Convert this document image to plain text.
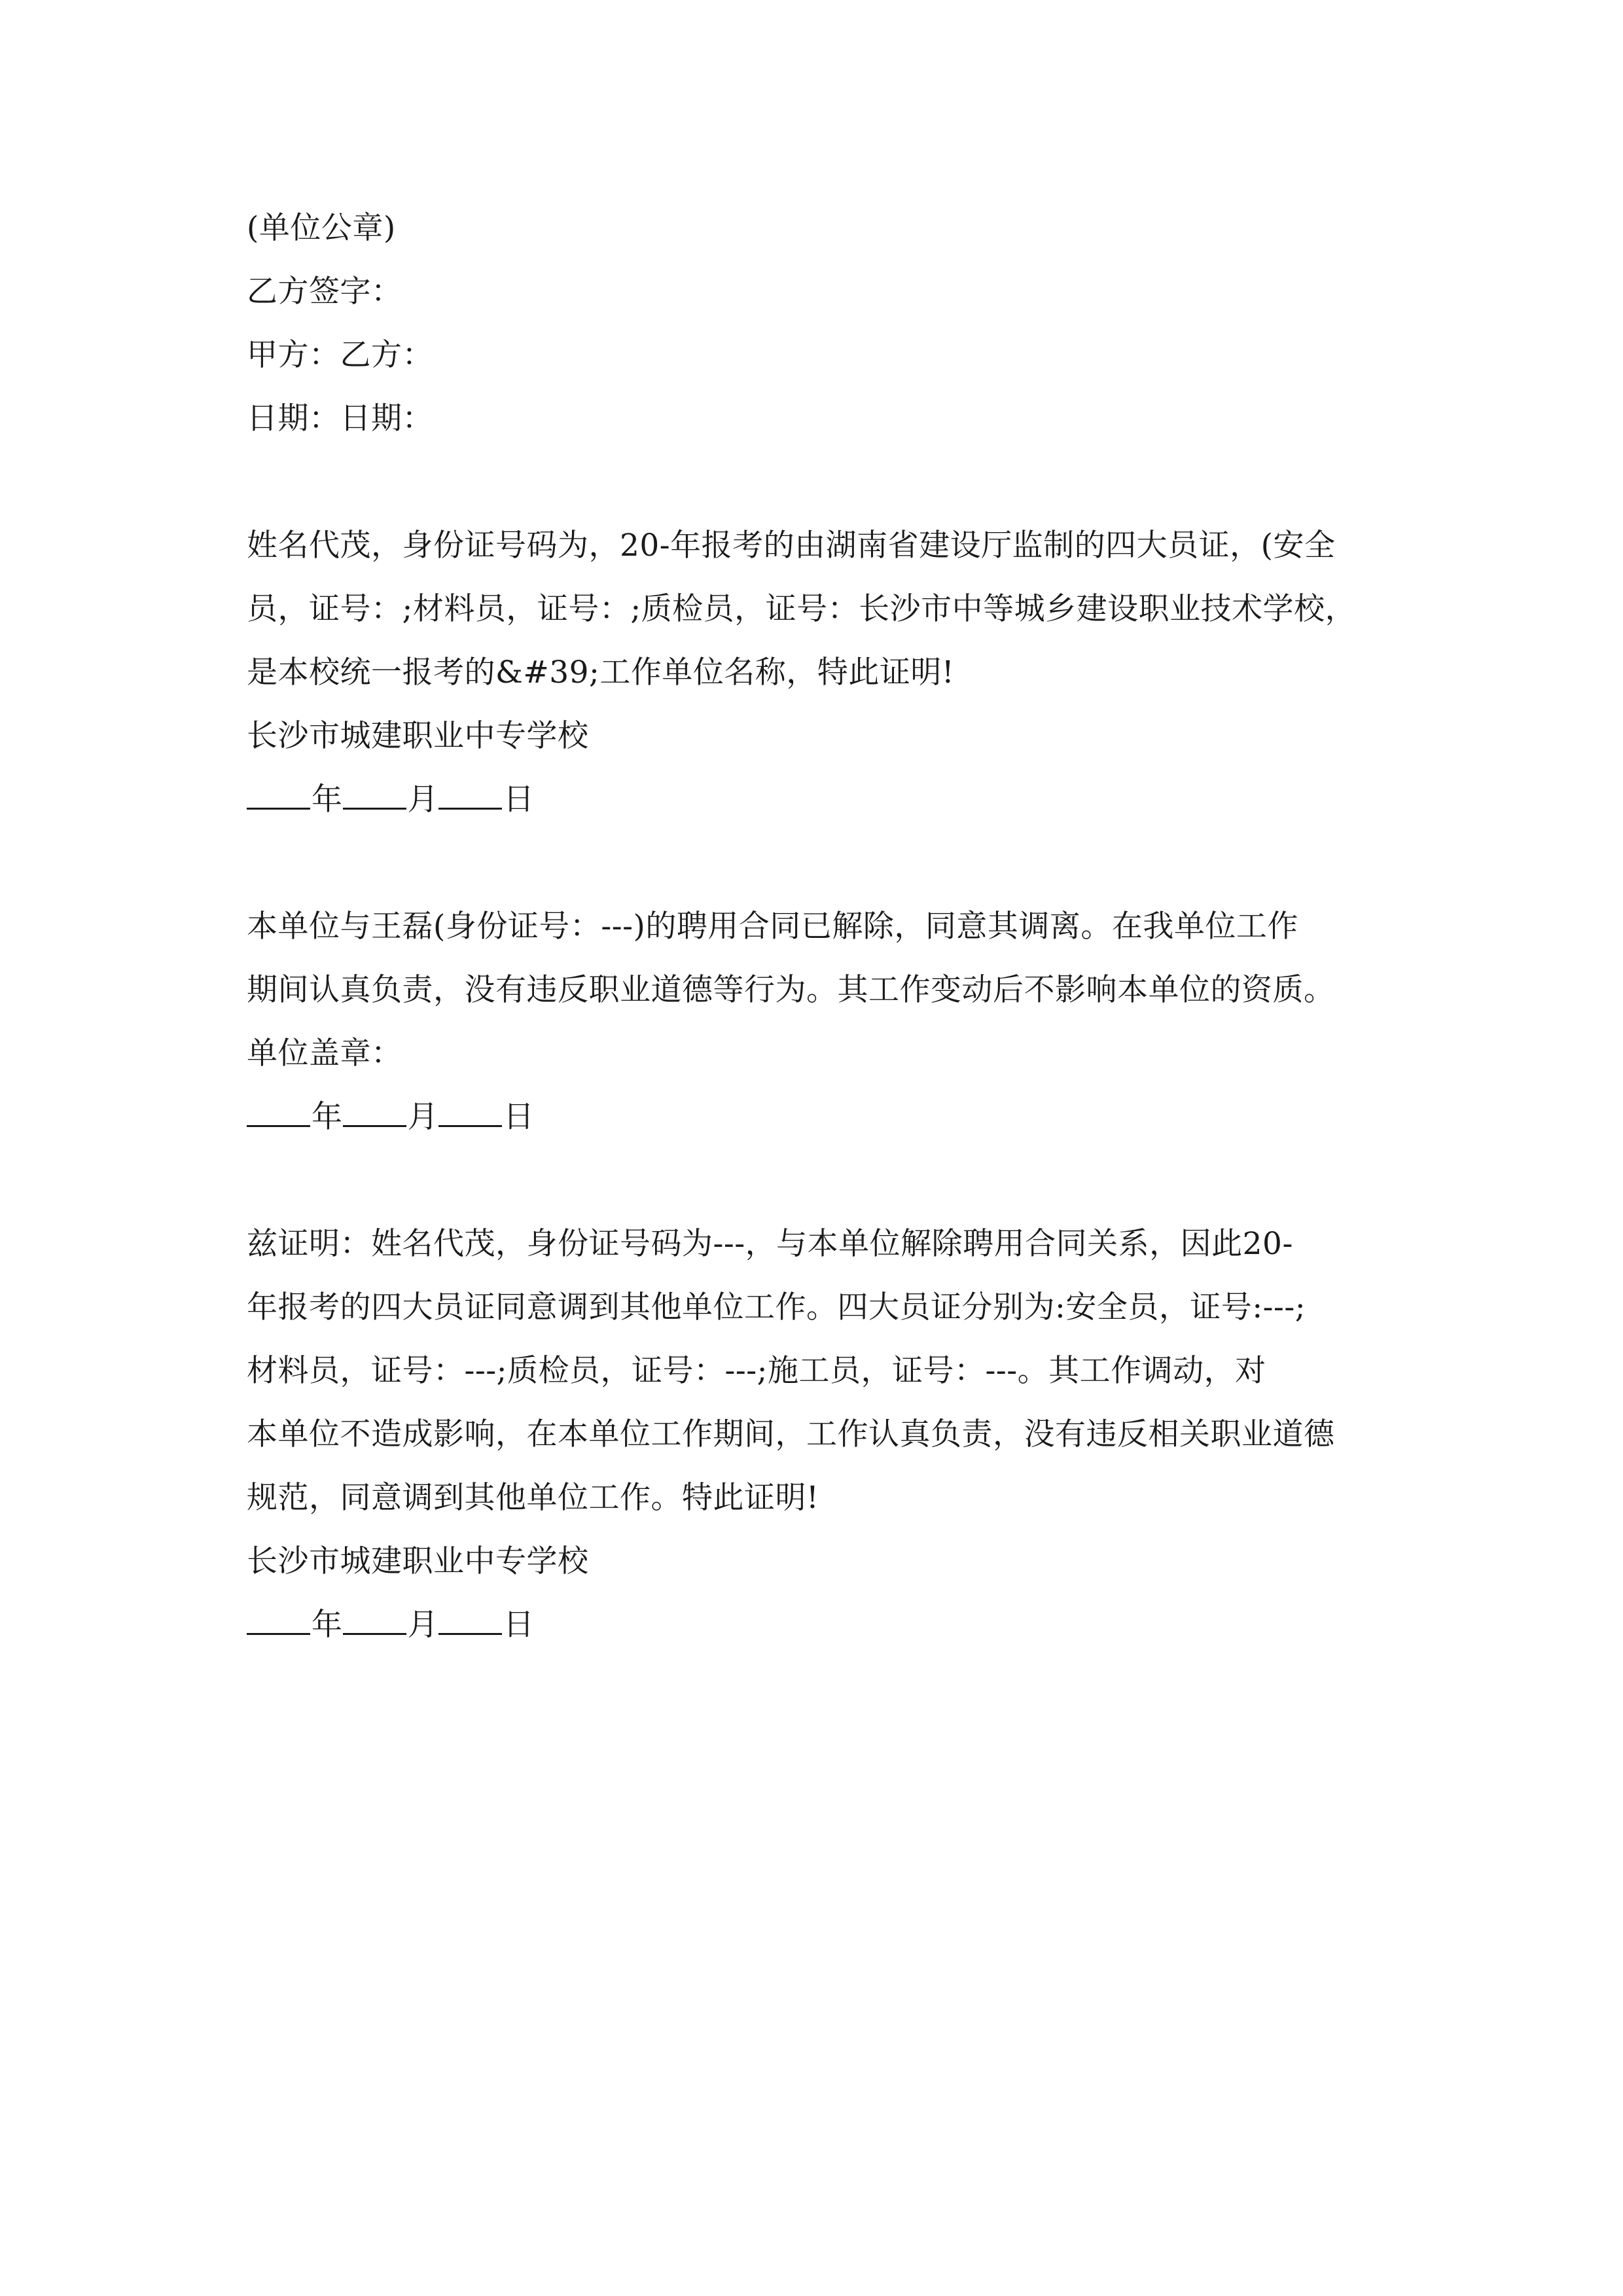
(单位公章)
乙方签字：
甲方：乙方：
日期：日期：
姓名代茂，身份证号码为，20-年报考的由湖南省建设厅监制的四大员证，(安全
员，证号：;材料员，证号：;质检员，证号：长沙市中等城乡建设职业技术学校，
是本校统一报考的&#39;工作单位名称，特此证明!
长沙市城建职业中专学校
年 月 日
本单位与王磊(身份证号：---)的聘用合同已解除，同意其调离。在我单位工作
期间认真负责，没有违反职业道德等行为。其工作变动后不影响本单位的资质。
单位盖章：
年 月 日
兹证明：姓名代茂，身份证号码为---，与本单位解除聘用合同关系，因此20-
年报考的四大员证同意调到其他单位工作。四大员证分别为:安全员，证号:---;
材料员，证号：---;质检员，证号：---;施工员，证号：---。其工作调动，对
本单位不造成影响，在本单位工作期间，工作认真负责，没有违反相关职业道德
规范，同意调到其他单位工作。特此证明!
长沙市城建职业中专学校
年 月 日
